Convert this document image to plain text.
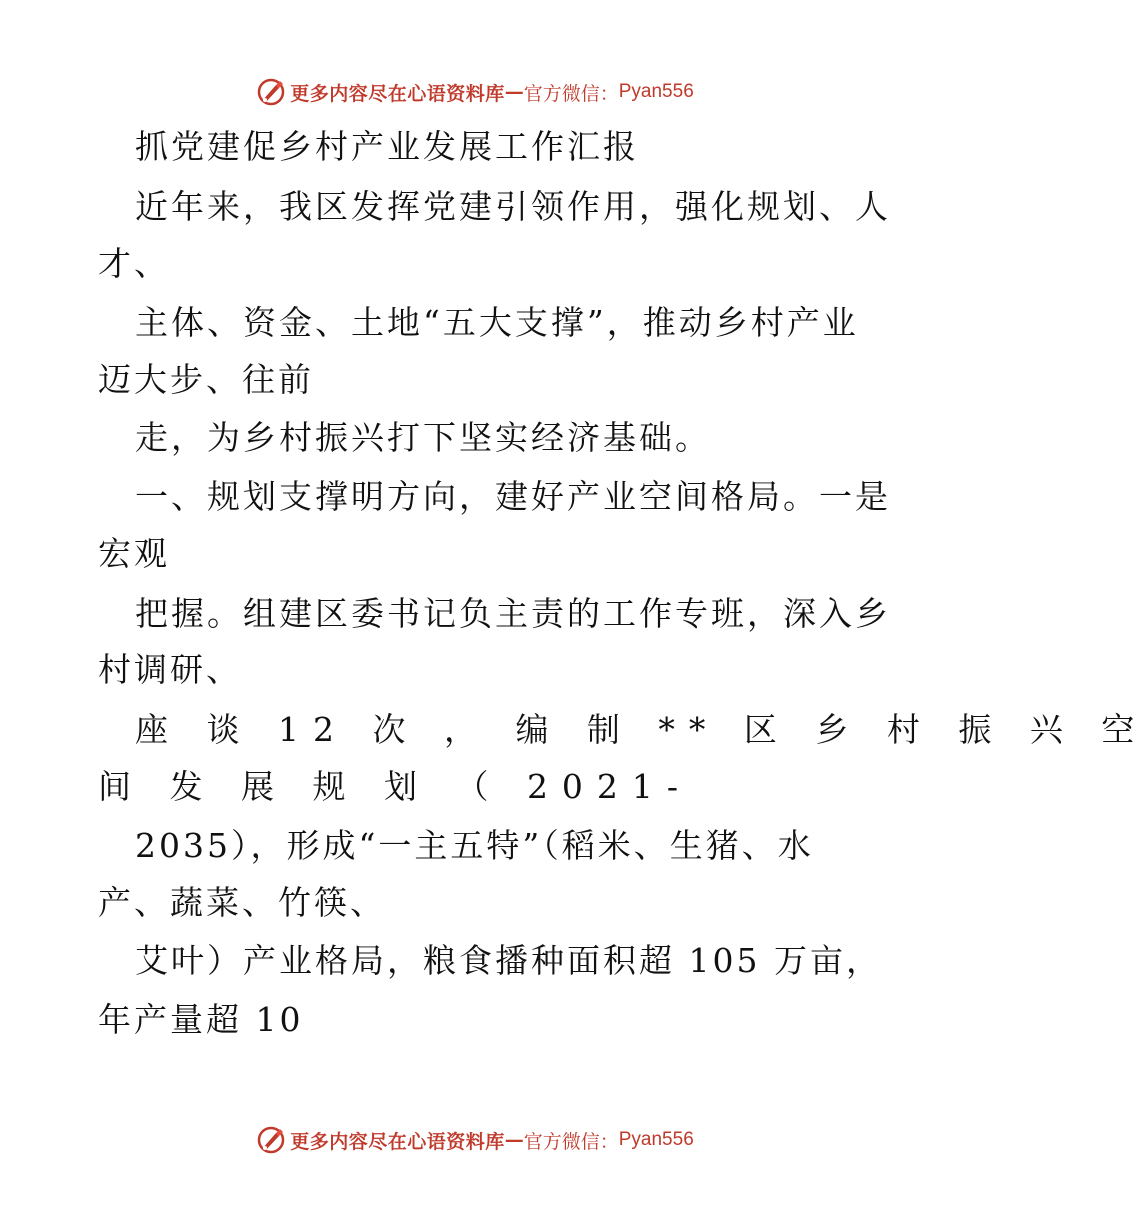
更多内容尽在心语资料库 — 官方微信： Pyan556
抓党建促乡村产业发展工作汇报
近年来，我区发挥党建引领作用，强化规划、人
才、
主体、资金、土地“五大支撑”，推动乡村产业
迈大步、往前
走，为乡村振兴打下坚实经济基础。
一、规划支撑明方向，建好产业空间格局。一是
宏观
把握。组建区委书记负主责的工作专班，深入乡
村调研、
座 谈 12 次 ， 编 制 ** 区 乡 村 振 兴 空
间 发 展 规 划 （ 2021-
2035），形成“一主五特”（稻米、生猪、水
产、蔬菜、竹筷、
艾叶）产业格局，粮食播种面积超 105 万亩，
年产量超 10
更多内容尽在心语资料库 — 官方微信： Pyan556
